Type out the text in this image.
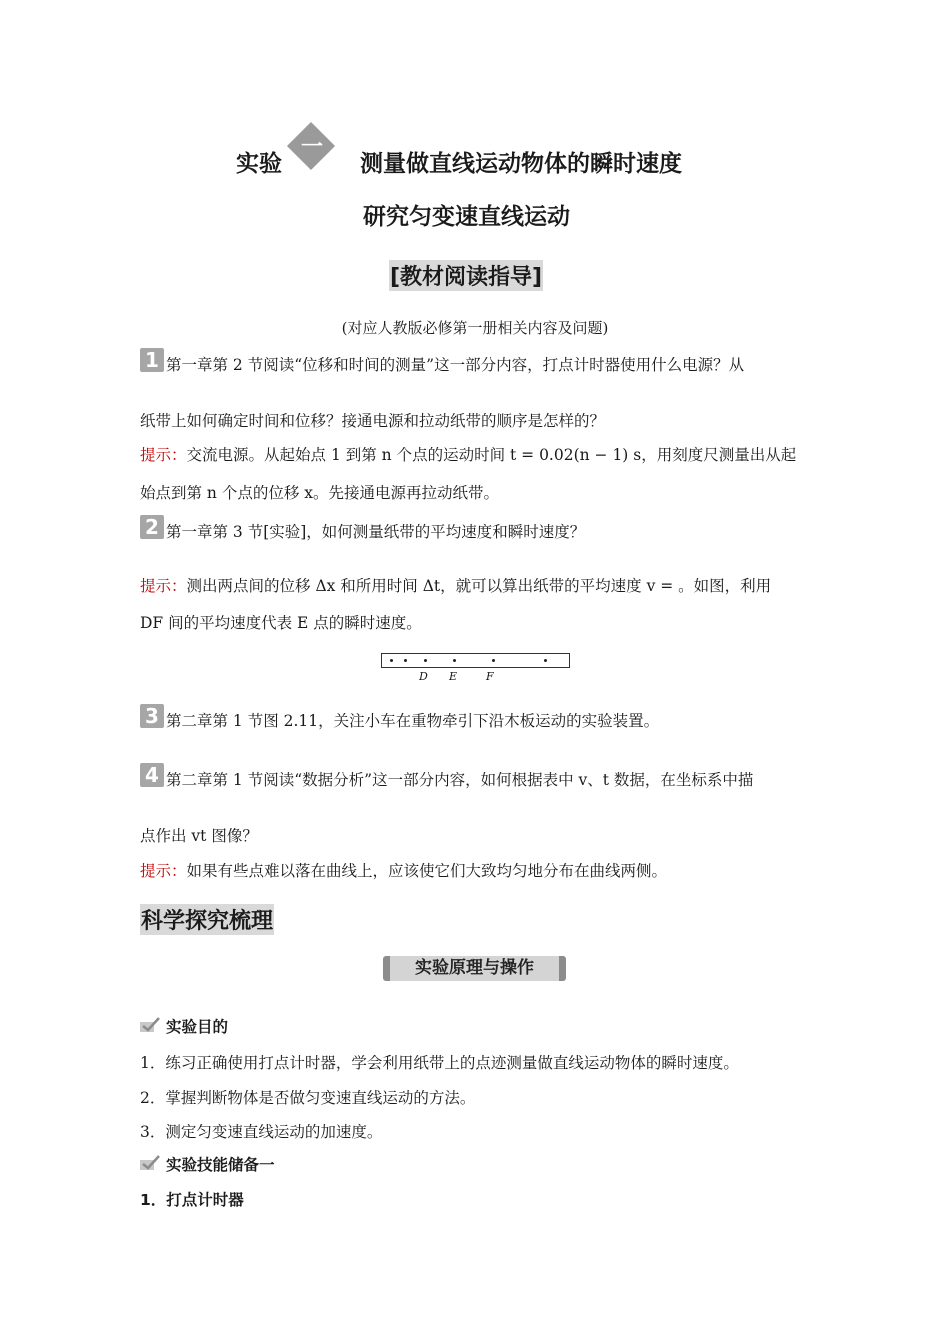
实验
一
测量做直线运动物体的瞬时速度
研究匀变速直线运动
[教材阅读指导]
(对应人教版必修第一册相关内容及问题)
1 第一章第 2 节阅读“位移和时间的测量”这一部分内容，打点计时器使用什么电源？从
纸带上如何确定时间和位移？接通电源和拉动纸带的顺序是怎样的？
提示：交流电源。从起始点 1 到第 n 个点的运动时间 t = 0.02(n − 1) s，用刻度尺测量出从起
始点到第 n 个点的位移 x。先接通电源再拉动纸带。
2 第一章第 3 节[实验]，如何测量纸带的平均速度和瞬时速度？
提示：测出两点间的位移 Δx 和所用时间 Δt，就可以算出纸带的平均速度 v = 。如图，利用
DF 间的平均速度代表 E 点的瞬时速度。
D E	F
3 第二章第 1 节图 2.11，关注小车在重物牵引下沿木板运动的实验装置。
4 第二章第 1 节阅读“数据分析”这一部分内容，如何根据表中 v、t 数据，在坐标系中描
点作出 vt 图像？
提示：如果有些点难以落在曲线上，应该使它们大致均匀地分布在曲线两侧。
科学探究梳理
实验原理与操作
实验目的
1．练习正确使用打点计时器，学会利用纸带上的点迹测量做直线运动物体的瞬时速度。
2．掌握判断物体是否做匀变速直线运动的方法。
3．测定匀变速直线运动的加速度。
实验技能储备一
1．打点计时器
